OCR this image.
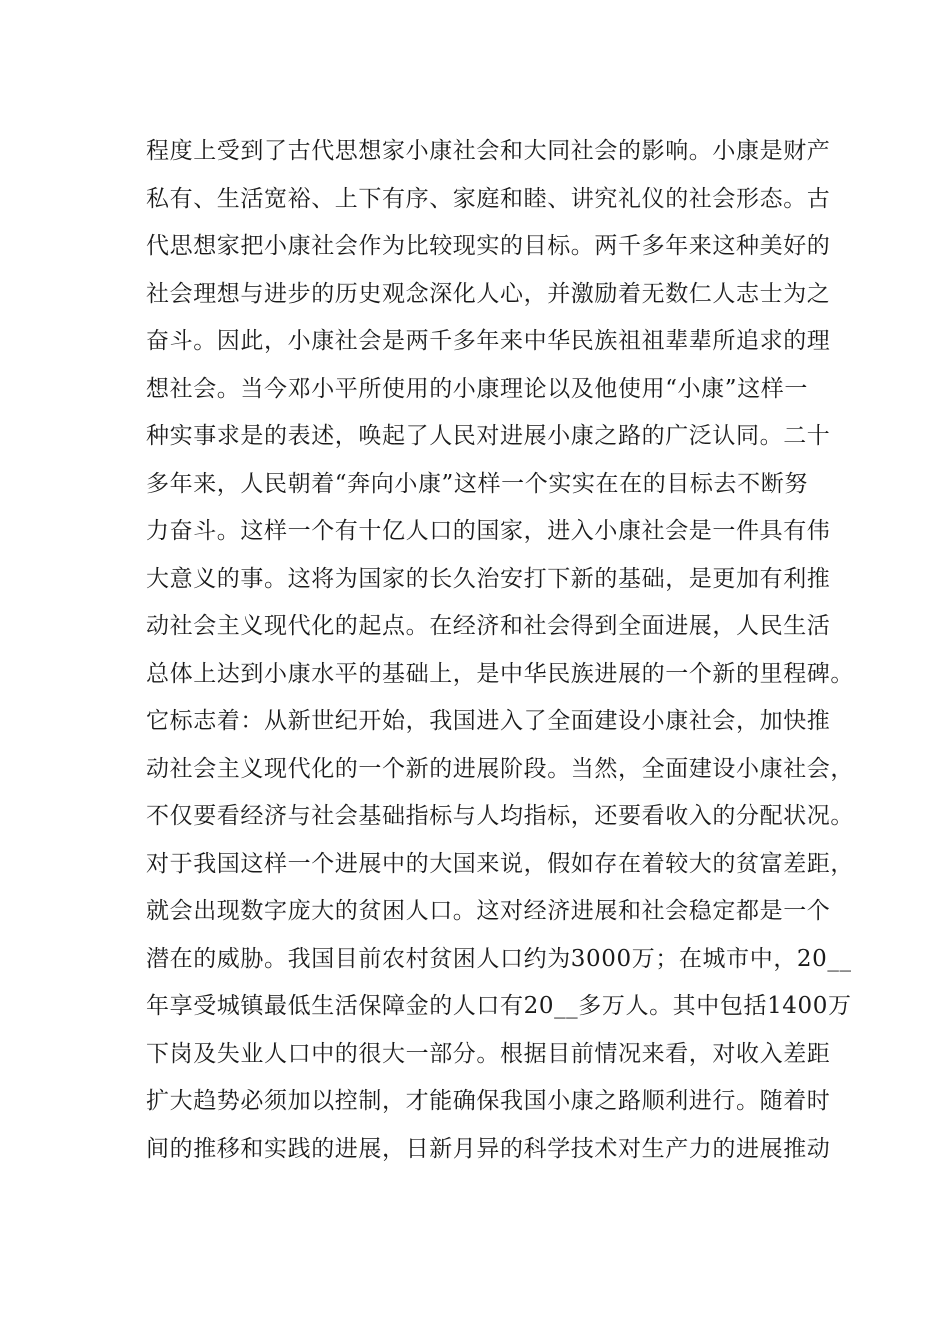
程度上受到了古代思想家小康社会和大同社会的影响。小康是财产
私有、生活宽裕、上下有序、家庭和睦、讲究礼仪的社会形态。古
代思想家把小康社会作为比较现实的目标。两千多年来这种美好的
社会理想与进步的历史观念深化人心，并激励着无数仁人志士为之
奋斗。因此，小康社会是两千多年来中华民族祖祖辈辈所追求的理
想社会。当今邓小平所使用的小康理论以及他使用“小康”这样一
种实事求是的表述，唤起了人民对进展小康之路的广泛认同。二十
多年来，人民朝着“奔向小康”这样一个实实在在的目标去不断努
力奋斗。这样一个有十亿人口的国家，进入小康社会是一件具有伟
大意义的事。这将为国家的长久治安打下新的基础，是更加有利推
动社会主义现代化的起点。在经济和社会得到全面进展，人民生活
总体上达到小康水平的基础上，是中华民族进展的一个新的里程碑。
它标志着：从新世纪开始，我国进入了全面建设小康社会，加快推
动社会主义现代化的一个新的进展阶段。当然，全面建设小康社会，
不仅要看经济与社会基础指标与人均指标，还要看收入的分配状况。
对于我国这样一个进展中的大国来说，假如存在着较大的贫富差距，
就会出现数字庞大的贫困人口。这对经济进展和社会稳定都是一个
潜在的威胁。我国目前农村贫困人口约为3000万；在城市中，20__
年享受城镇最低生活保障金的人口有20__多万人。其中包括1400万
下岗及失业人口中的很大一部分。根据目前情况来看，对收入差距
扩大趋势必须加以控制，才能确保我国小康之路顺利进行。随着时
间的推移和实践的进展，日新月异的科学技术对生产力的进展推动
